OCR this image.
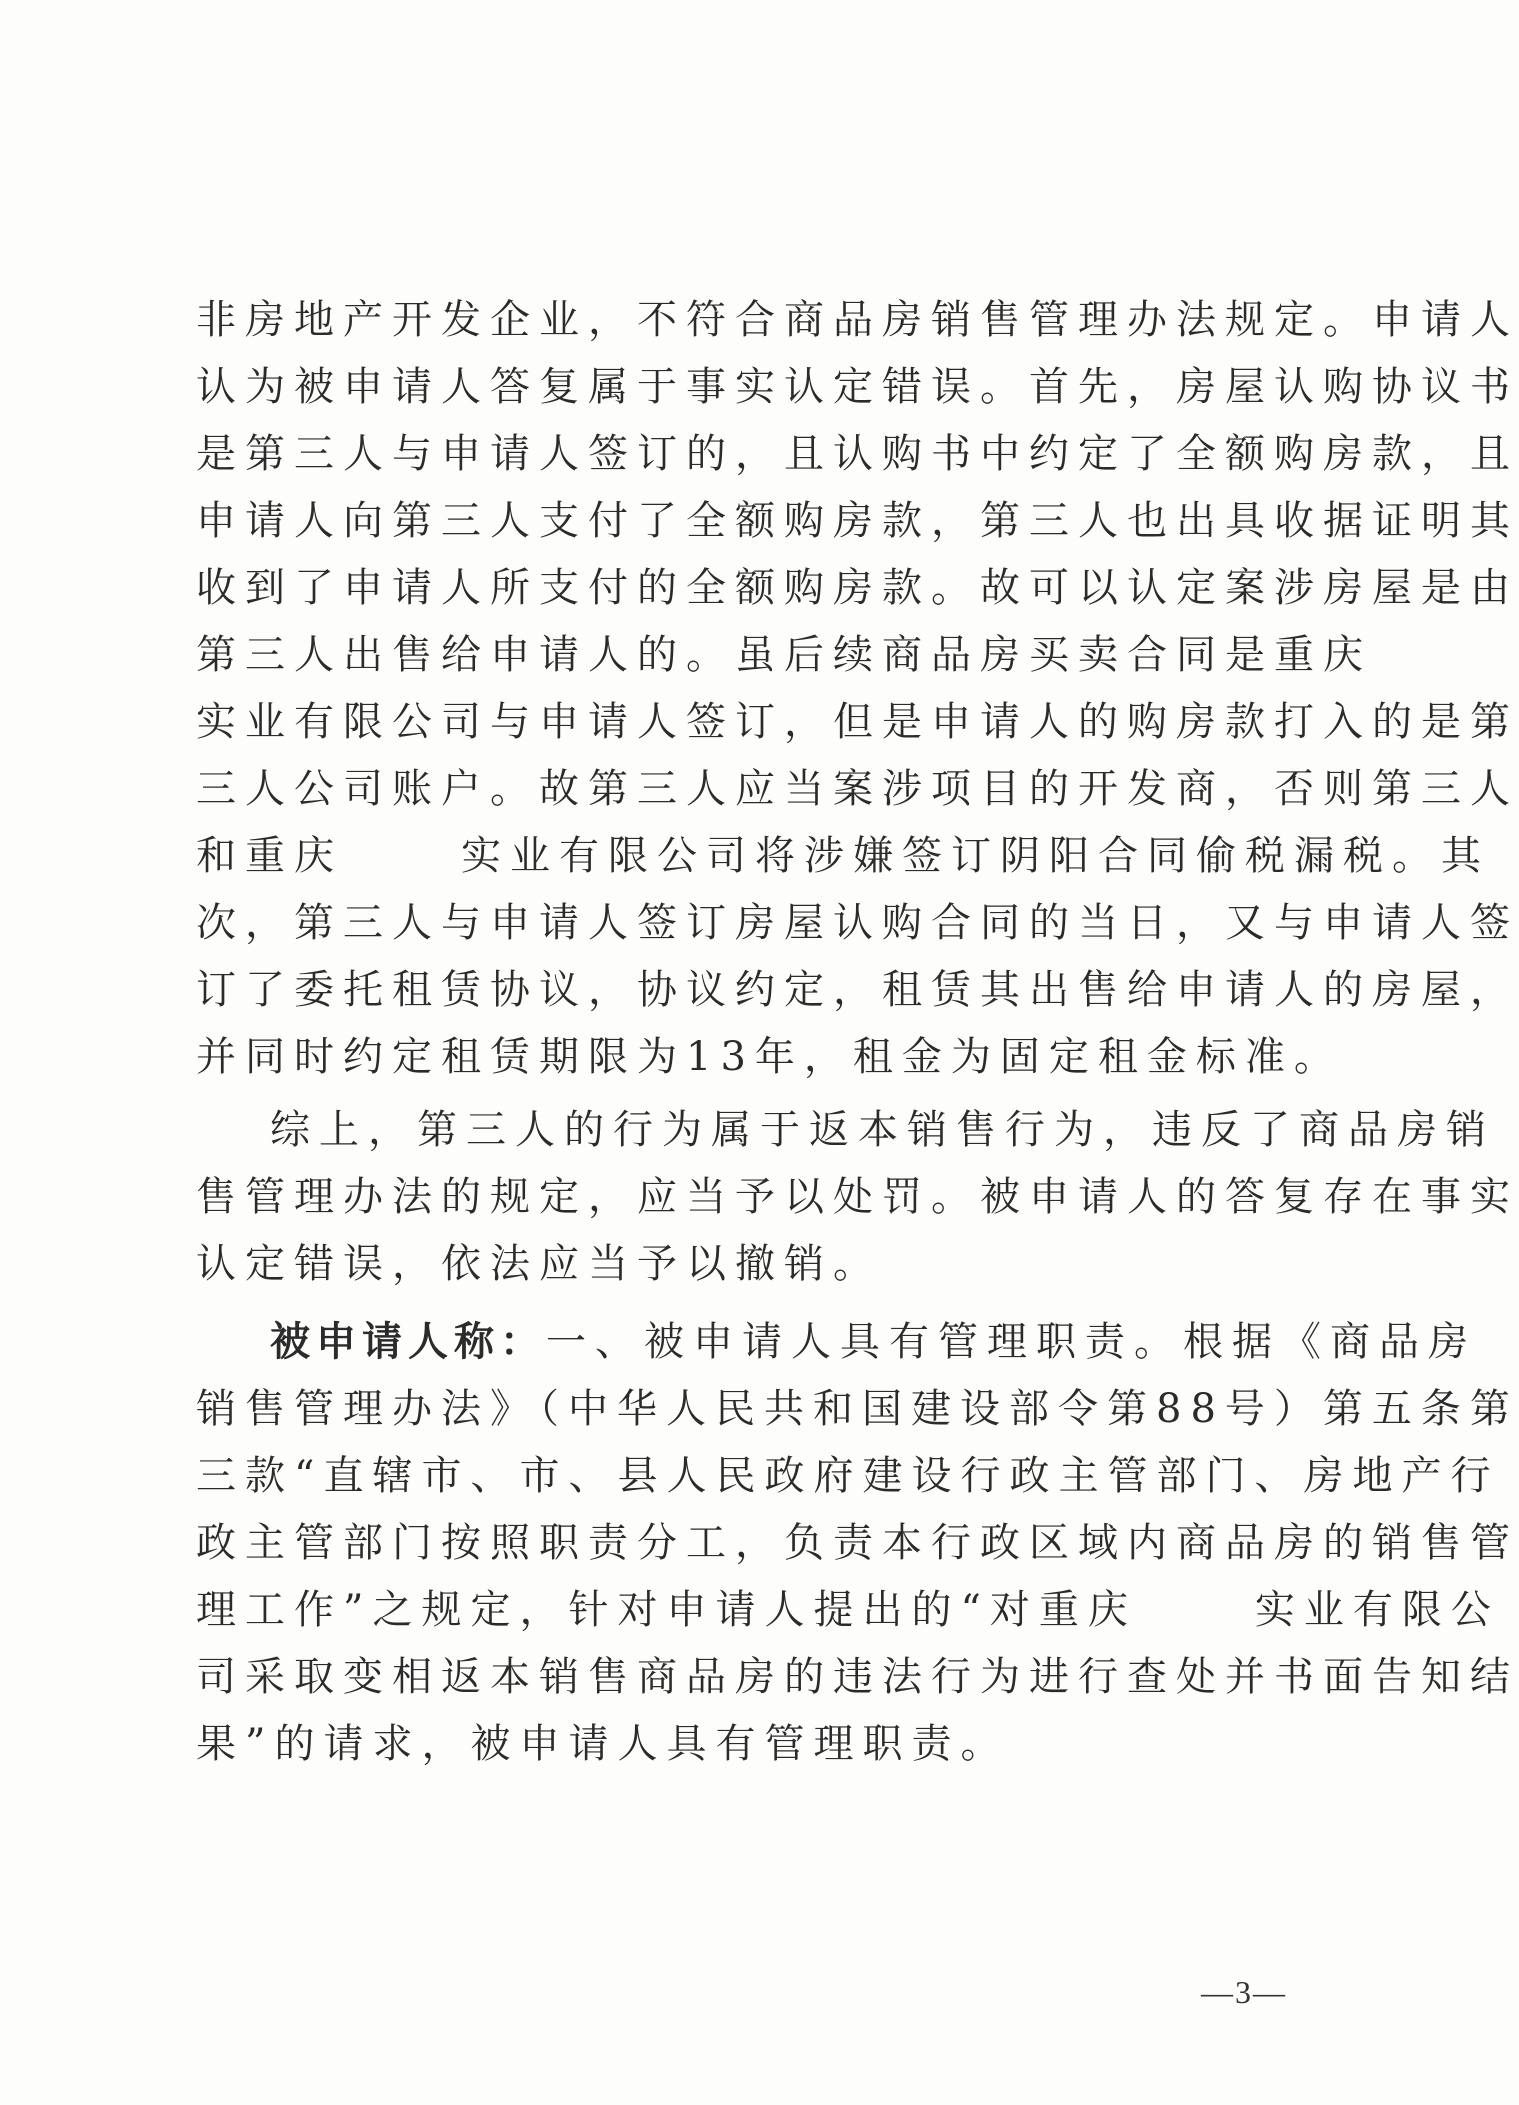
非房地产开发企业，不符合商品房销售管理办法规定。申请人
认为被申请人答复属于事实认定错误。首先，房屋认购协议书
是第三人与申请人签订的，且认购书中约定了全额购房款，且
申请人向第三人支付了全额购房款，第三人也出具收据证明其
收到了申请人所支付的全额购房款。故可以认定案涉房屋是由
第三人出售给申请人的。虽后续商品房买卖合同是重庆
实业有限公司与申请人签订，但是申请人的购房款打入的是第
三人公司账户。故第三人应当案涉项目的开发商，否则第三人
和重庆	实业有限公司将涉嫌签订阴阳合同偷税漏税。其
次，第三人与申请人签订房屋认购合同的当日，又与申请人签
订了委托租赁协议，协议约定，租赁其出售给申请人的房屋，
并同时约定租赁期限为13年，租金为固定租金标准。
综上，第三人的行为属于返本销售行为，违反了商品房销
售管理办法的规定，应当予以处罚。被申请人的答复存在事实
认定错误，依法应当予以撤销。
被申请人称：一、被申请人具有管理职责。根据《商品房
销售管理办法》（中华人民共和国建设部令第88号）第五条第
三款“直辖市、市、县人民政府建设行政主管部门、房地产行
政主管部门按照职责分工，负责本行政区域内商品房的销售管
理工作”之规定，针对申请人提出的“对重庆	实业有限公
司采取变相返本销售商品房的违法行为进行查处并书面告知结
果”的请求，被申请人具有管理职责。
—3—
